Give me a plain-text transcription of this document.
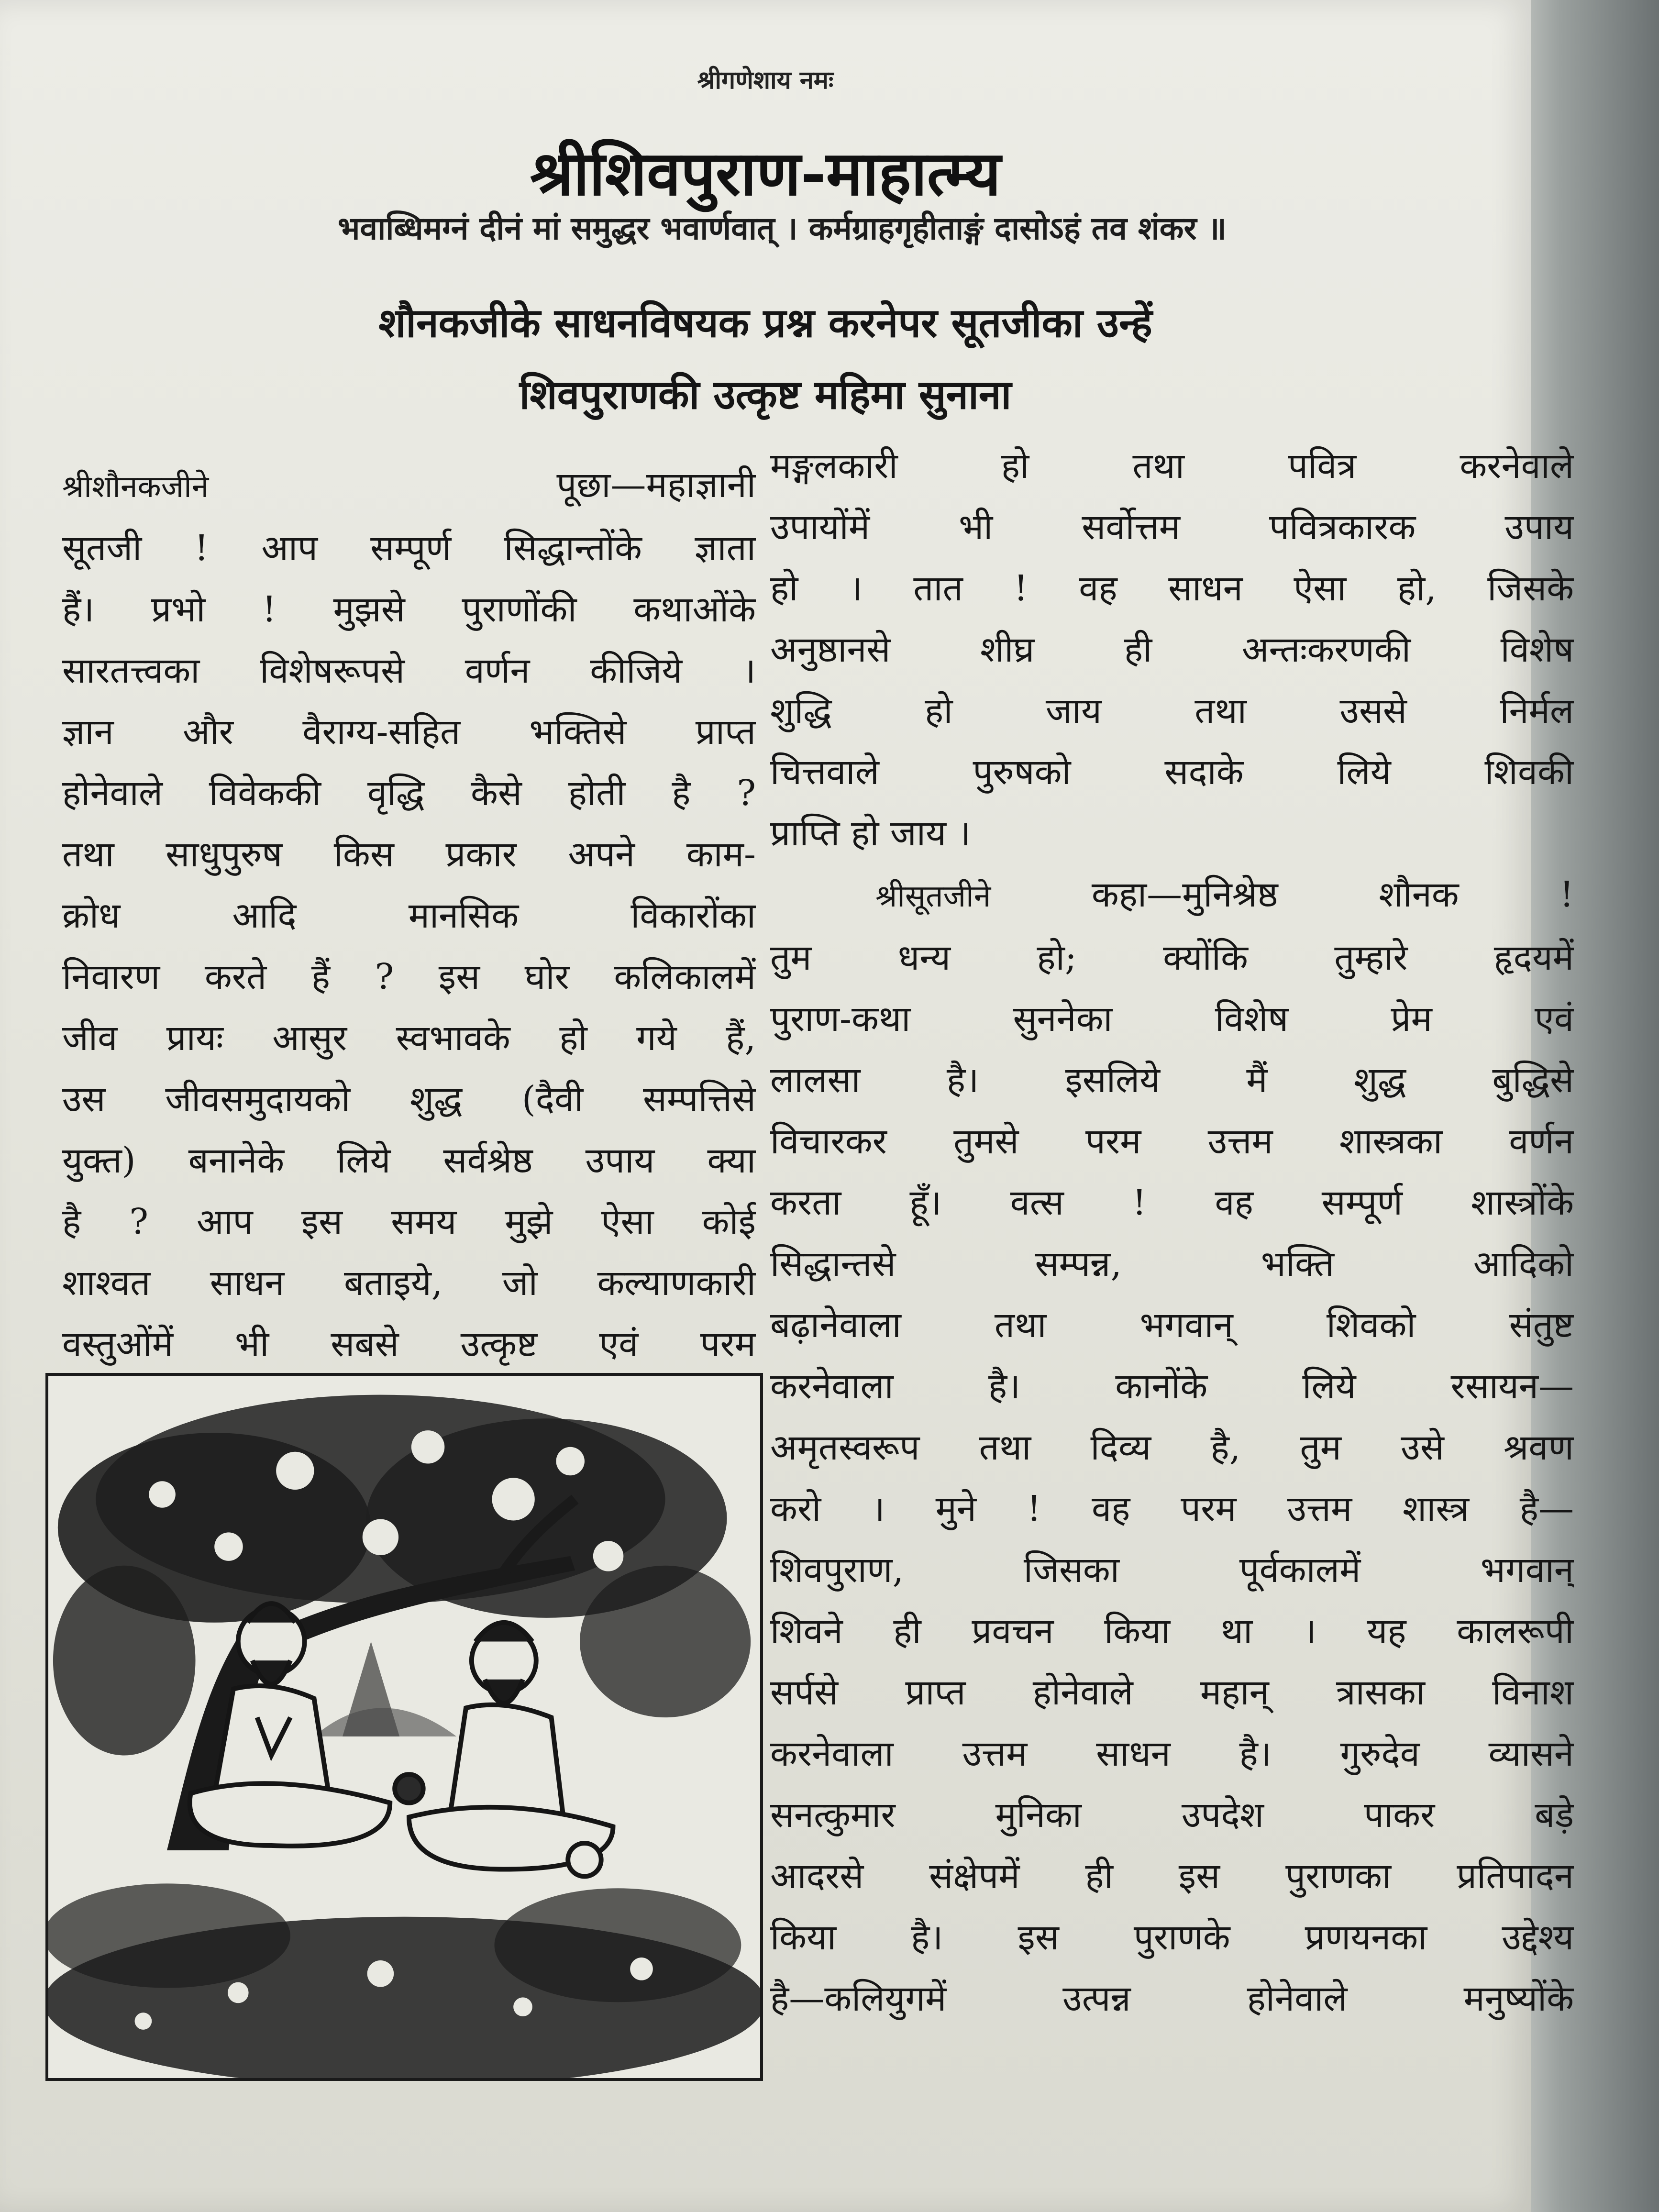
श्रीगणेशाय नमः
श्रीशिवपुराण-माहात्म्य
भवाब्धिमग्नं दीनं मां समुद्धर भवार्णवात् । कर्मग्राहगृहीताङ्गं दासोऽहं तव शंकर ॥
शौनकजीके साधनविषयक प्रश्न करनेपर सूतजीका उन्हें
शिवपुराणकी उत्कृष्ट महिमा सुनाना
श्रीशौनकजीने	पूछा—महाज्ञानी
सूतजी ! आप सम्पूर्ण सिद्धान्तोंके ज्ञाता
हैं। प्रभो ! मुझसे पुराणोंकी कथाओंके
सारतत्त्वका विशेषरूपसे वर्णन कीजिये ।
ज्ञान और वैराग्य-सहित भक्तिसे प्राप्त
होनेवाले विवेककी वृद्धि कैसे होती है ?
तथा साधुपुरुष किस प्रकार अपने काम-
क्रोध आदि मानसिक विकारोंका
निवारण करते हैं ? इस घोर कलिकालमें
जीव प्रायः आसुर स्वभावके हो गये हैं,
उस जीवसमुदायको शुद्ध (दैवी सम्पत्तिसे
युक्त) बनानेके लिये सर्वश्रेष्ठ उपाय क्या
है ? आप इस समय मुझे ऐसा कोई
शाश्वत साधन बताइये, जो कल्याणकारी
वस्तुओंमें भी सबसे उत्कृष्ट एवं परम
मङ्गलकारी हो तथा पवित्र करनेवाले
उपायोंमें भी सर्वोत्तम पवित्रकारक उपाय
हो । तात ! वह साधन ऐसा हो, जिसके
अनुष्ठानसे शीघ्र ही अन्तःकरणकी विशेष
शुद्धि हो जाय तथा उससे निर्मल
चित्तवाले पुरुषको सदाके लिये शिवकी
प्राप्ति हो जाय ।
श्रीसूतजीने	कहा—मुनिश्रेष्ठ शौनक !
तुम धन्य हो; क्योंकि तुम्हारे हृदयमें
पुराण-कथा सुननेका विशेष प्रेम एवं
लालसा है। इसलिये मैं शुद्ध बुद्धिसे
विचारकर तुमसे परम उत्तम शास्त्रका वर्णन
करता हूँ। वत्स ! वह सम्पूर्ण शास्त्रोंके
सिद्धान्तसे सम्पन्न, भक्ति आदिको
बढ़ानेवाला तथा भगवान् शिवको संतुष्ट
करनेवाला है। कानोंके लिये रसायन—
अमृतस्वरूप तथा दिव्य है, तुम उसे श्रवण
करो । मुने ! वह परम उत्तम शास्त्र है—
शिवपुराण, जिसका पूर्वकालमें भगवान्
शिवने ही प्रवचन किया था । यह कालरूपी
सर्पसे प्राप्त होनेवाले महान् त्रासका विनाश
करनेवाला उत्तम साधन है। गुरुदेव व्यासने
सनत्कुमार मुनिका उपदेश पाकर बड़े
आदरसे संक्षेपमें ही इस पुराणका प्रतिपादन
किया है। इस पुराणके प्रणयनका उद्देश्य
है—कलियुगमें उत्पन्न होनेवाले मनुष्योंके
